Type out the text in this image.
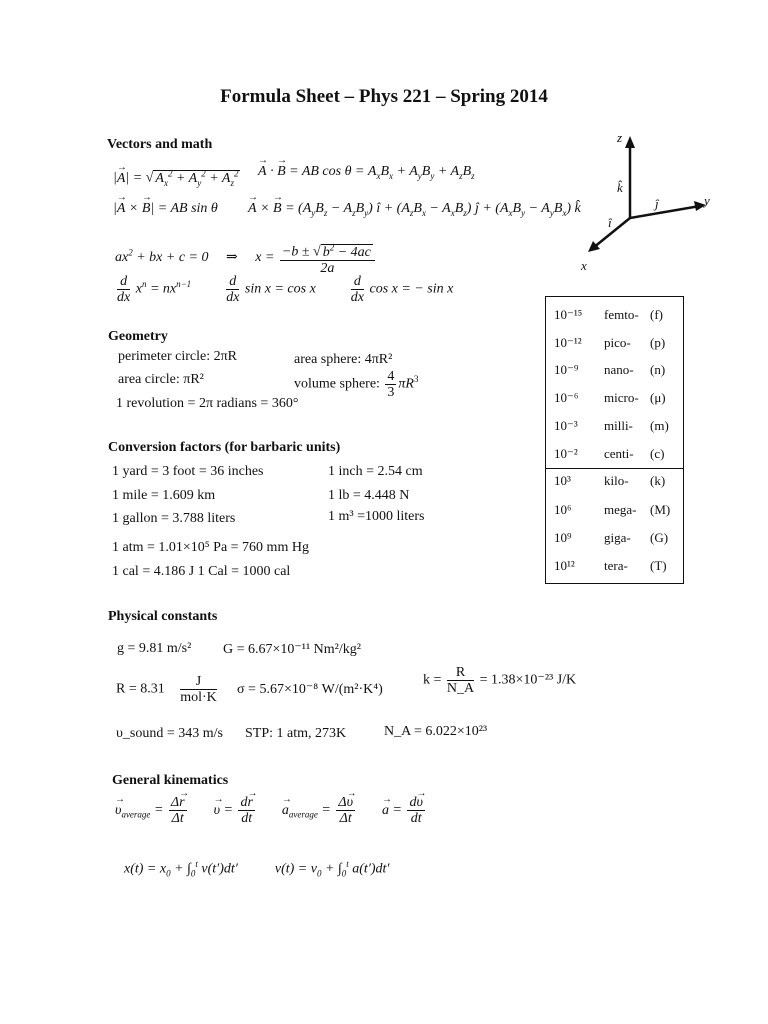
Formula Sheet – Phys 221 – Spring 2014
Vectors and math
|→ A| = √ $A_x^2 + A_y^2 + A_z^2$
→ A · → B = AB $\cos \theta = A_xB_x + A_yB_y + A_zB_z$
|→ A × → B| = AB sin θ
→ A × → $B = (A_yB_z - A_zB_y)$ î + $(A_zB_x - A_xB_z)$ ĵ + $(A_xB_y - A_yB_x)$ k̂
$ax^2$ + bx + c = 0 ⇒ $x = \frac{-b \pm √ b^2 - 4ac}{2a}$
$\frac{d}{dx} x^n = nx^{n-1}$	$\frac{d}{dx}$ sin x = cos x $\frac{d}{dx}$ cos x = − sin x
z
y
x
k̂
ĵ
î
Geometry
perimeter circle: 2πR
area circle: πR²
area sphere: 4πR²
volume sphere: $\frac{4}{3} \pi R^3$
1 revolution = 2π radians = 360°
Conversion factors (for barbaric units)
1 yard = 3 foot = 36 inches	1 inch = 2.54 cm
1 mile = 1.609 km	1 lb = 4.448 N
1 gallon = 3.788 liters	1 m³ =1000 liters
1 atm = 1.01×10⁵ Pa = 760 mm Hg
1 cal = 4.186 J 1 Cal = 1000 cal
10⁻¹⁵ femto- (f)
10⁻¹² pico- (p)
10⁻⁹ nano- (n)
10⁻⁶ micro- (μ)
10⁻³ milli- (m)
10⁻² centi- (c)
10³	kilo- (k)
10⁶ mega- (M)
10⁹ giga- (G)
10¹² tera- (T)
Physical constants
g = 9.81 m/s² G = 6.67×10⁻¹¹ Nm²/kg²
$R = 8.31 \frac{J}{\text{mol·K}}$ σ = 5.67×10⁻⁸ W/(m²·K⁴)
$k = \frac{R}{N\_A} = 1.38\times 10^{-23}$ J/K
υ_sound = 343 m/s STP: 1 atm, 273K	N_A = 6.022×10²³
General kinematics
→ $\upsilon_{average} = \frac{\Delta\to r}{\Delta t}$
→ $\upsilon = \frac{d\to r}{dt}$
→ $a_{average} = \frac{\Delta\to \upsilon}{\Delta t}$
→ $a = \frac{d\to \upsilon}{dt}$
$x(t) = x_0 + \int_0^t$ v(t′)dt′  $v(t) = v_0 + \int_0^t$ a(t′)dt′
